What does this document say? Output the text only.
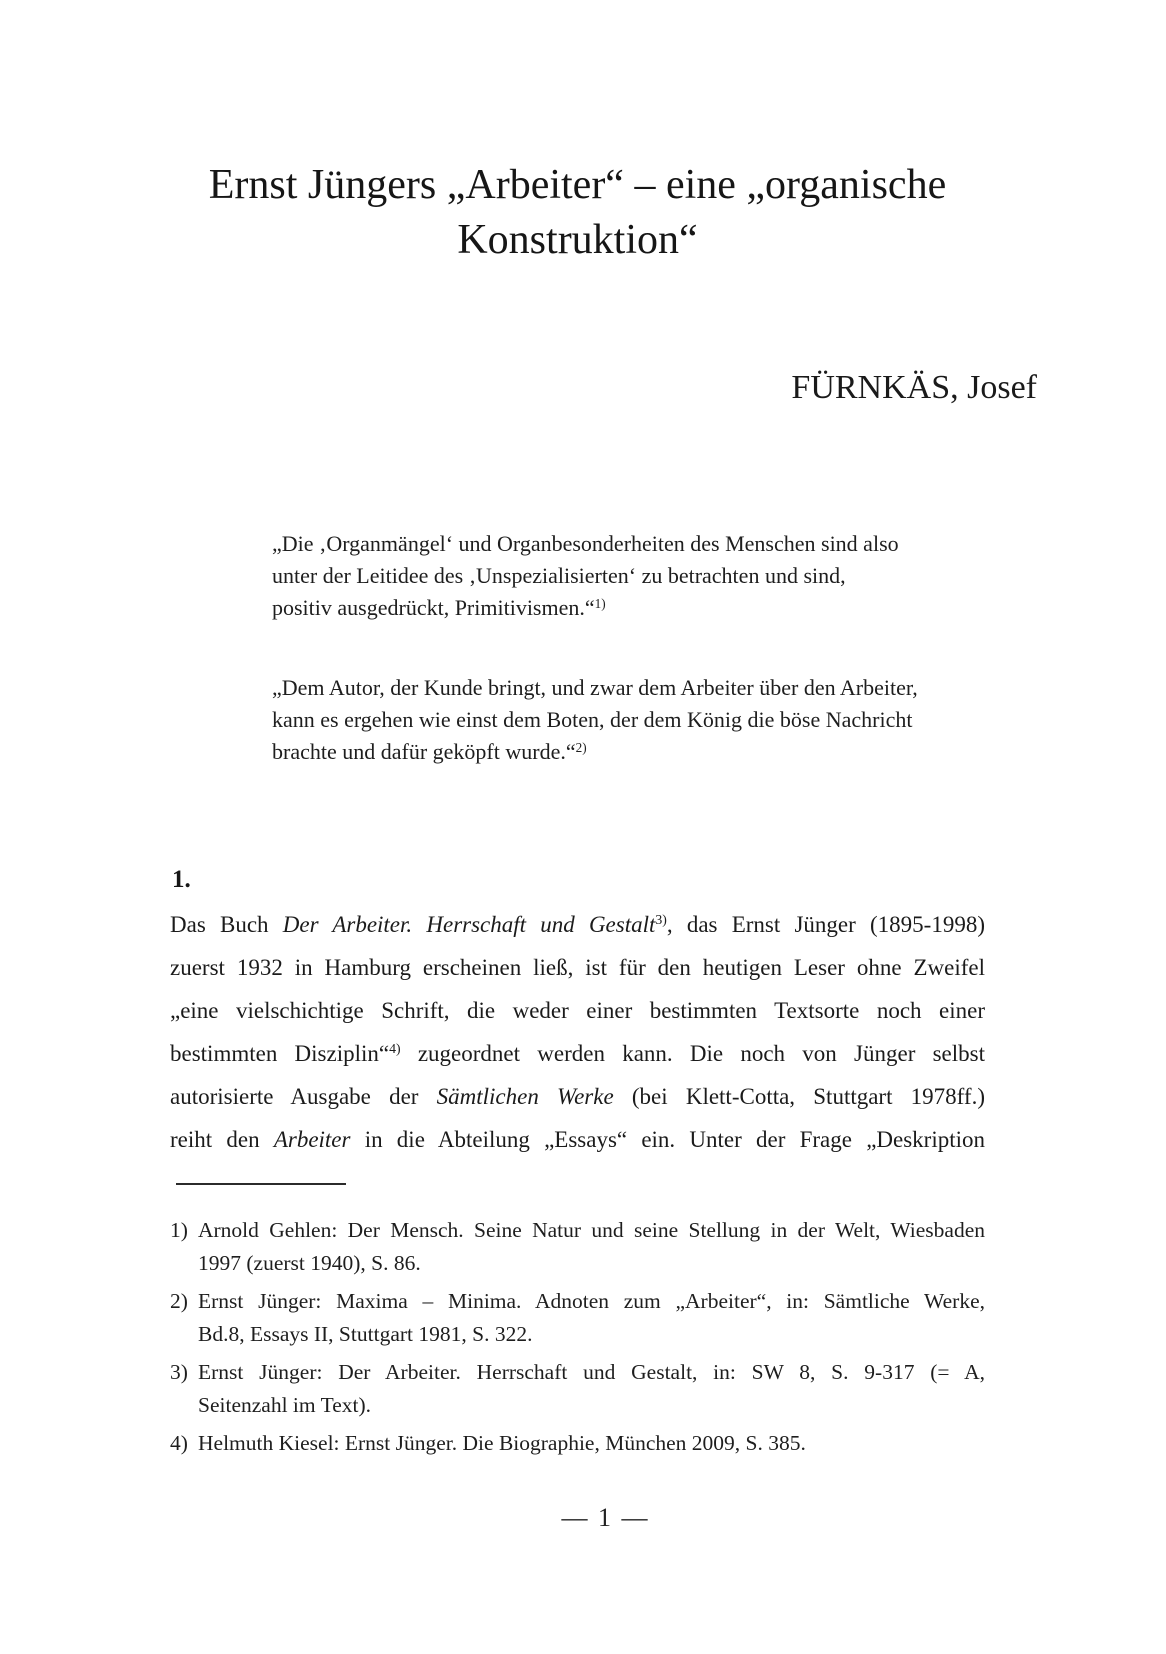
Ernst Jüngers „Arbeiter“ – eine „organische
Konstruktion“
FÜRNKÄS, Josef
„Die ‚Organmängel‘ und Organbesonderheiten des Menschen sind also
unter der Leitidee des ‚Unspezialisierten‘ zu betrachten und sind,
positiv ausgedrückt, Primitivismen.“1)
„Dem Autor, der Kunde bringt, und zwar dem Arbeiter über den Arbeiter,
kann es ergehen wie einst dem Boten, der dem König die böse Nachricht
brachte und dafür geköpft wurde.“2)
1.
Das Buch Der Arbeiter. Herrschaft und Gestalt3), das Ernst Jünger (1895-1998)
zuerst 1932 in Hamburg erscheinen ließ, ist für den heutigen Leser ohne Zweifel
„eine vielschichtige Schrift, die weder einer bestimmten Textsorte noch einer
bestimmten Disziplin“4) zugeordnet werden kann. Die noch von Jünger selbst
autorisierte Ausgabe der Sämtlichen Werke (bei Klett-Cotta, Stuttgart 1978ff.)
reiht den Arbeiter in die Abteilung „Essays“ ein. Unter der Frage „Deskription
1) Arnold Gehlen: Der Mensch. Seine Natur und seine Stellung in der Welt, Wiesbaden
1997 (zuerst 1940), S. 86.
2) Ernst Jünger: Maxima – Minima. Adnoten zum „Arbeiter“, in: Sämtliche Werke,
Bd.8, Essays II, Stuttgart 1981, S. 322.
3) Ernst Jünger: Der Arbeiter. Herrschaft und Gestalt, in: SW 8, S. 9-317 (= A,
Seitenzahl im Text).
4) Helmuth Kiesel: Ernst Jünger. Die Biographie, München 2009, S. 385.
— 1 —
